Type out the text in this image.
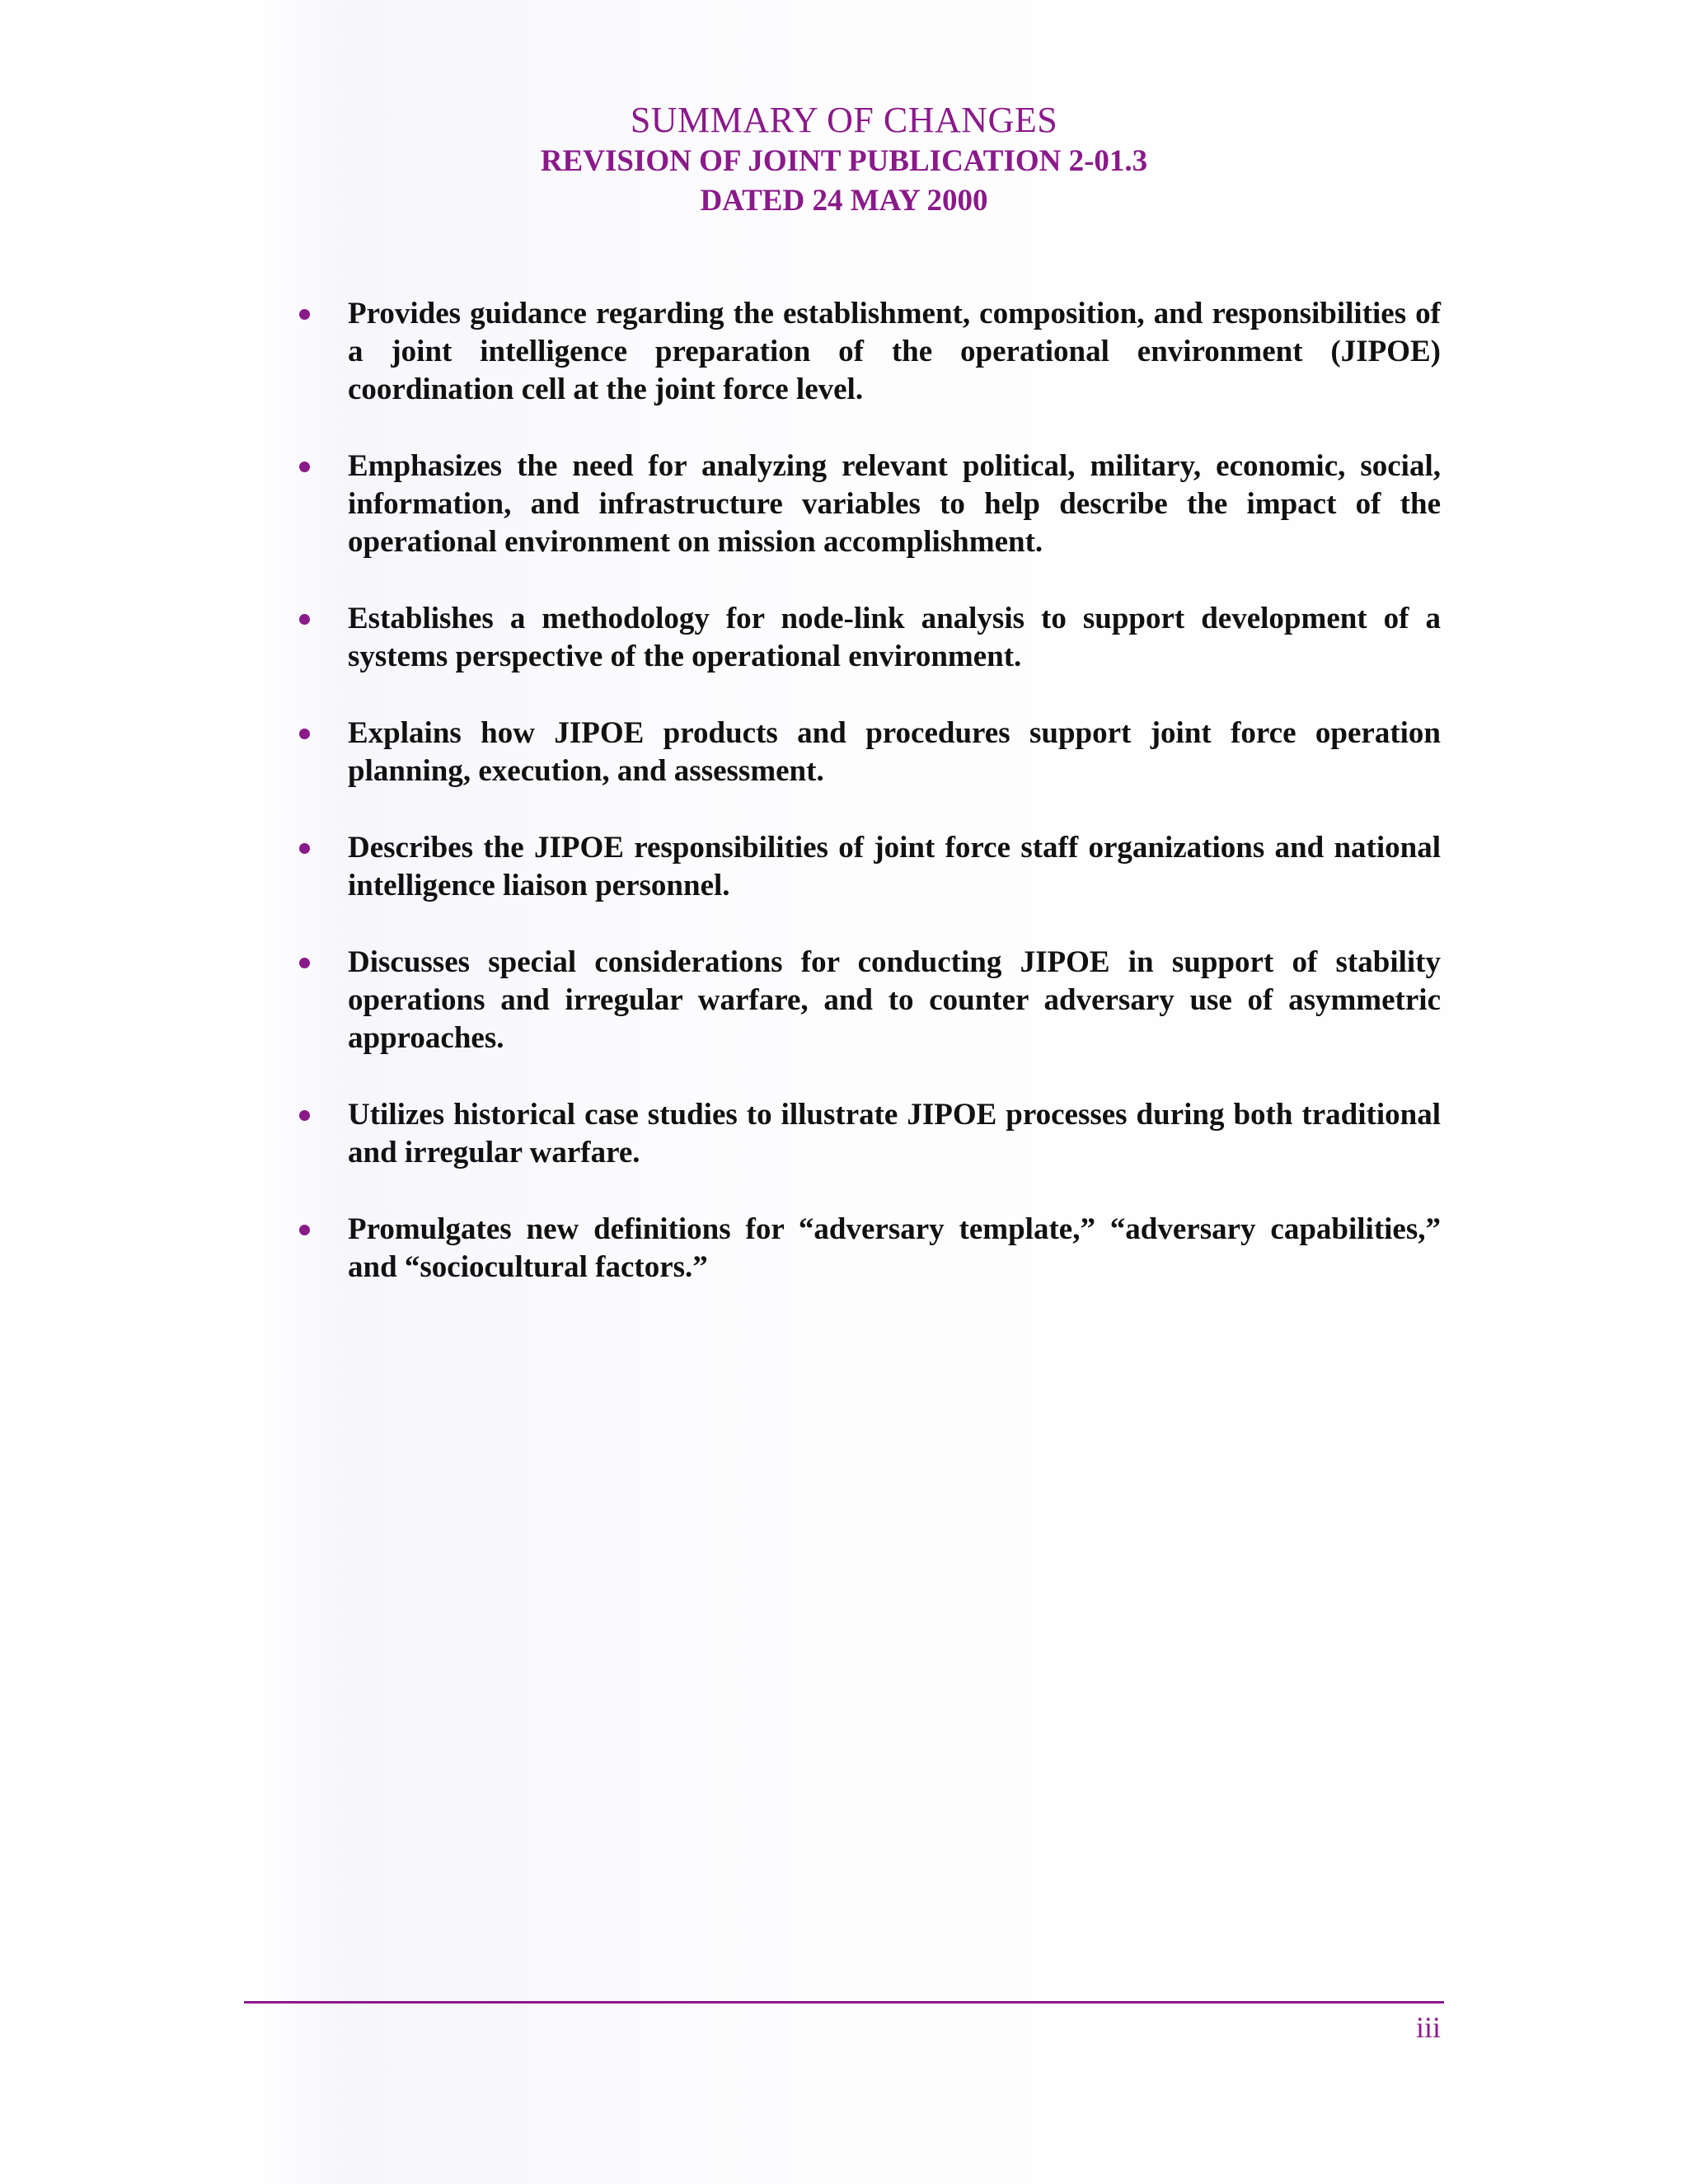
SUMMARY OF CHANGES
REVISION OF JOINT PUBLICATION 2-01.3
DATED 24 MAY 2000
Provides guidance regarding the establishment, composition, and responsibilities of a joint intelligence preparation of the operational environment (JIPOE) coordination cell at the joint force level.
Emphasizes the need for analyzing relevant political, military, economic, social, information, and infrastructure variables to help describe the impact of the operational environment on mission accomplishment.
Establishes a methodology for node-link analysis to support development of a systems perspective of the operational environment.
Explains how JIPOE products and procedures support joint force operation planning, execution, and assessment.
Describes the JIPOE responsibilities of joint force staff organizations and national intelligence liaison personnel.
Discusses special considerations for conducting JIPOE in support of stability operations and irregular warfare, and to counter adversary use of asymmetric approaches.
Utilizes historical case studies to illustrate JIPOE processes during both traditional and irregular warfare.
Promulgates new definitions for “adversary template,” “adversary capabilities,” and “sociocultural factors.”
iii
